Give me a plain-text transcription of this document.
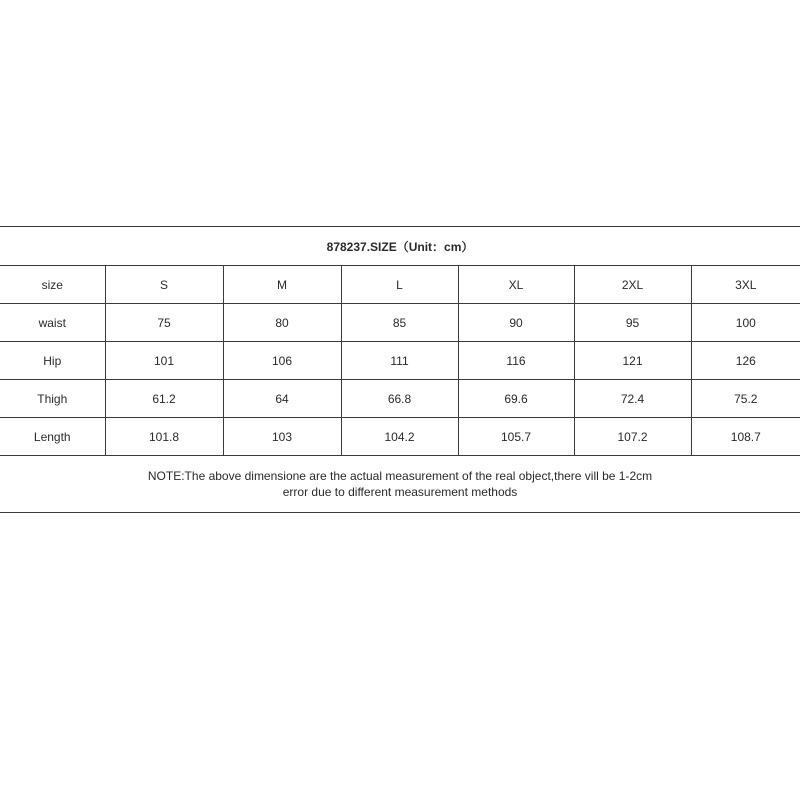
878237.SIZE（Unit：cm）						
size	S	M	L	XL	2XL	3XL
waist	75	80	85	90	95	100
Hip	101	106	111	116	121	126
Thigh	61.2	64	66.8	69.6	72.4	75.2
Length	101.8	103	104.2	105.7	107.2	108.7

NOTE:The above dimensione are the actual measurement of the real object,there vill be 1-2cm
error due to different measurement methods						
